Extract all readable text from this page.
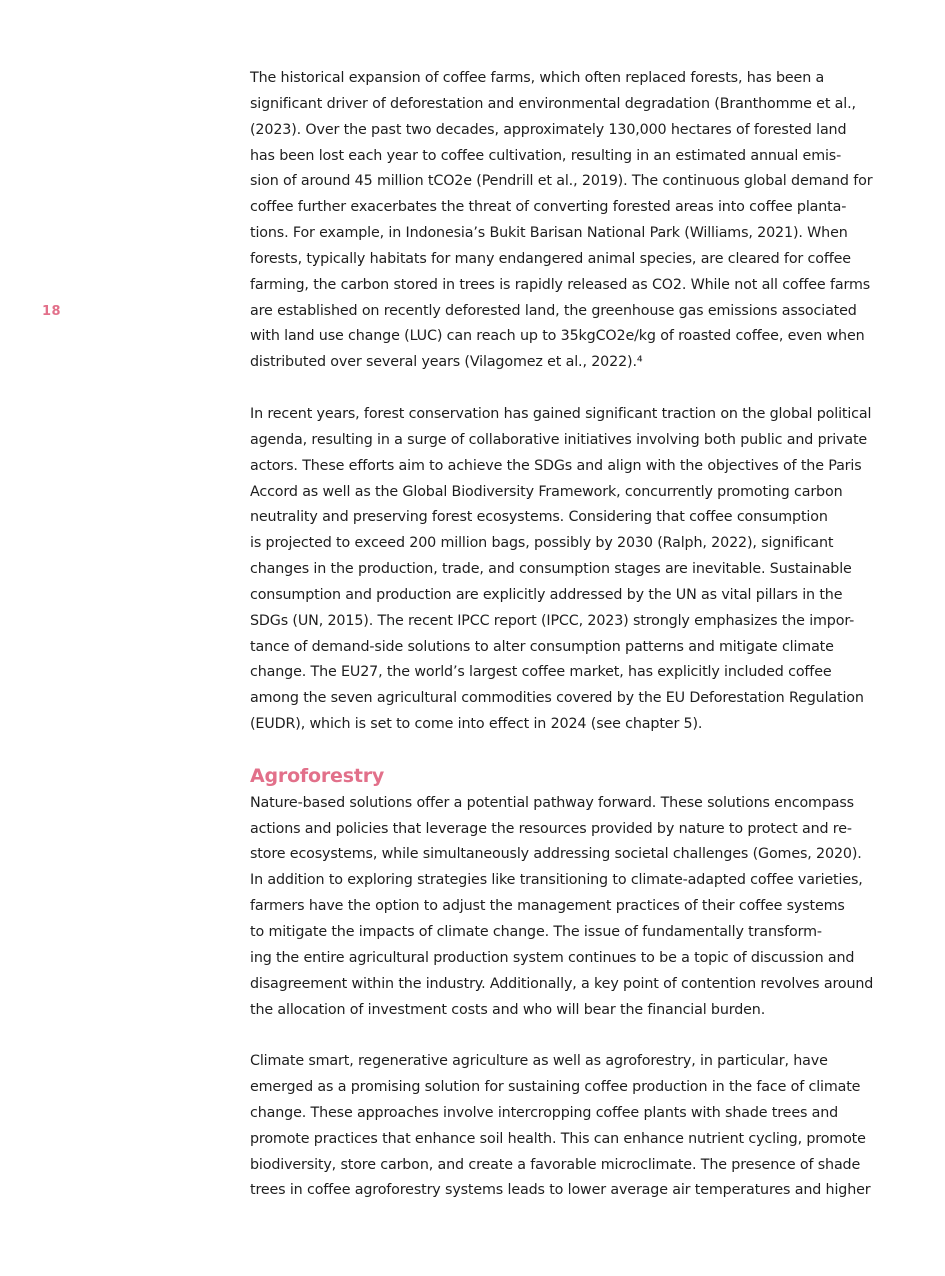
18
The historical expansion of coffee farms, which often replaced forests, has been a
significant driver of deforestation and environmental degradation (Branthomme et al.,
(2023). Over the past two decades, approximately 130,000 hectares of forested land
has been lost each year to coffee cultivation, resulting in an estimated annual emis-
sion of around 45 million tCO2e (Pendrill et al., 2019). The continuous global demand for
coffee further exacerbates the threat of converting forested areas into coffee planta-
tions. For example, in Indonesia’s Bukit Barisan National Park (Williams, 2021). When
forests, typically habitats for many endangered animal species, are cleared for coffee
farming, the carbon stored in trees is rapidly released as CO2. While not all coffee farms
are established on recently deforested land, the greenhouse gas emissions associated
with land use change (LUC) can reach up to 35kgCO2e/kg of roasted coffee, even when
distributed over several years (Vilagomez et al., 2022).⁴
In recent years, forest conservation has gained significant traction on the global political
agenda, resulting in a surge of collaborative initiatives involving both public and private
actors. These efforts aim to achieve the SDGs and align with the objectives of the Paris
Accord as well as the Global Biodiversity Framework, concurrently promoting carbon
neutrality and preserving forest ecosystems. Considering that coffee consumption
is projected to exceed 200 million bags, possibly by 2030 (Ralph, 2022), significant
changes in the production, trade, and consumption stages are inevitable. Sustainable
consumption and production are explicitly addressed by the UN as vital pillars in the
SDGs (UN, 2015). The recent IPCC report (IPCC, 2023) strongly emphasizes the impor-
tance of demand-side solutions to alter consumption patterns and mitigate climate
change. The EU27, the world’s largest coffee market, has explicitly included coffee
among the seven agricultural commodities covered by the EU Deforestation Regulation
(EUDR), which is set to come into effect in 2024 (see chapter 5).
Agroforestry
Nature-based solutions offer a potential pathway forward. These solutions encompass
actions and policies that leverage the resources provided by nature to protect and re-
store ecosystems, while simultaneously addressing societal challenges (Gomes, 2020).
In addition to exploring strategies like transitioning to climate-adapted coffee varieties,
farmers have the option to adjust the management practices of their coffee systems
to mitigate the impacts of climate change. The issue of fundamentally transform-
ing the entire agricultural production system continues to be a topic of discussion and
disagreement within the industry. Additionally, a key point of contention revolves around
the allocation of investment costs and who will bear the financial burden.
Climate smart, regenerative agriculture as well as agroforestry, in particular, have
emerged as a promising solution for sustaining coffee production in the face of climate
change. These approaches involve intercropping coffee plants with shade trees and
promote practices that enhance soil health. This can enhance nutrient cycling, promote
biodiversity, store carbon, and create a favorable microclimate. The presence of shade
trees in coffee agroforestry systems leads to lower average air temperatures and higher
